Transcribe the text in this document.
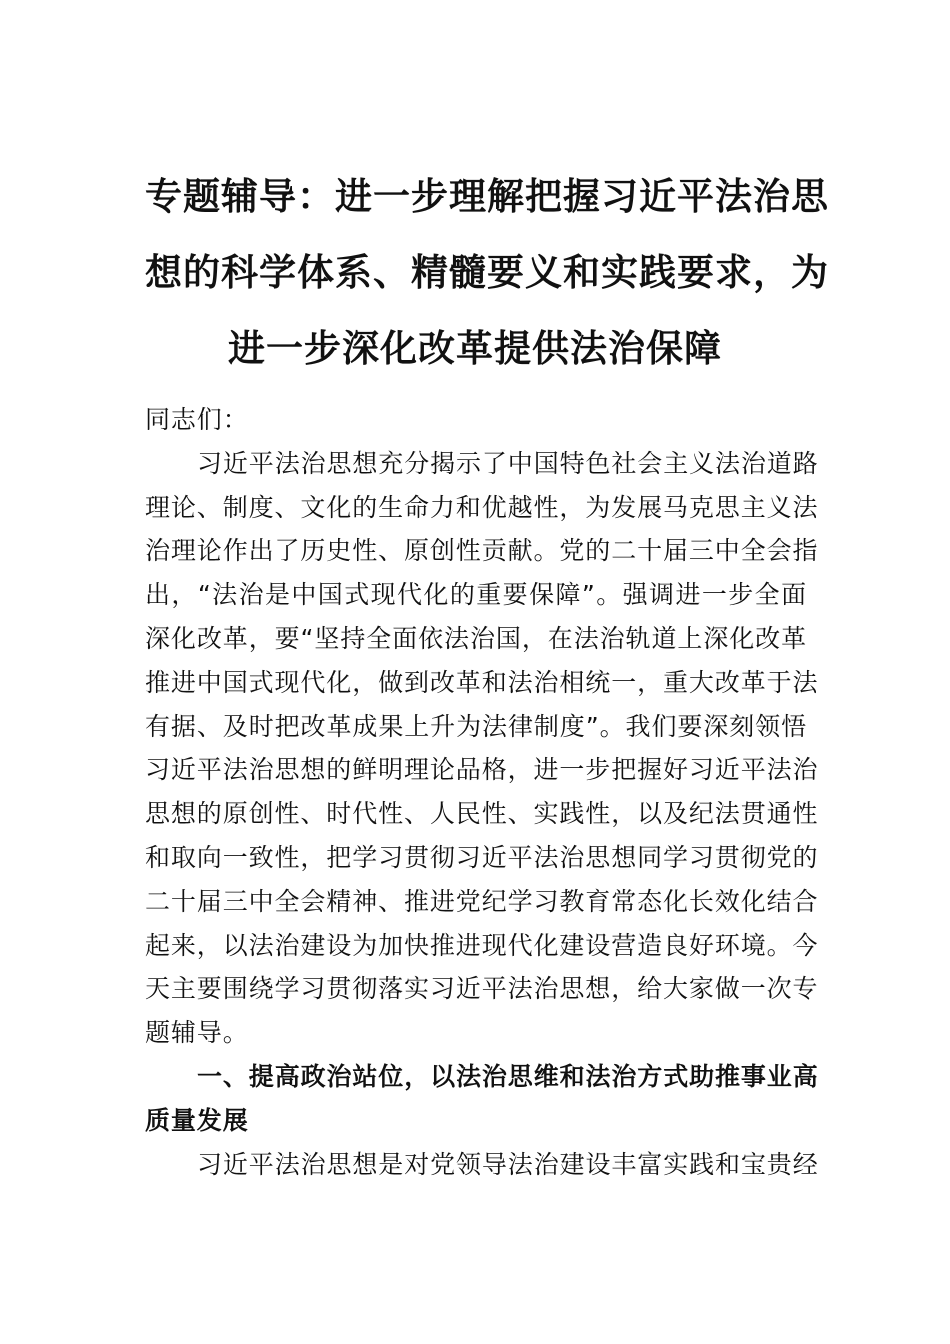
专题辅导：进一步理解把握习近平法治思
想的科学体系、精髓要义和实践要求，为
进一步深化改革提供法治保障
同志们：
习近平法治思想充分揭示了中国特色社会主义法治道路
理论、制度、文化的生命力和优越性，为发展马克思主义法
治理论作出了历史性、原创性贡献。党的二十届三中全会指
出，“法治是中国式现代化的重要保障”。强调进一步全面
深化改革，要“坚持全面依法治国，在法治轨道上深化改革
推进中国式现代化，做到改革和法治相统一，重大改革于法
有据、及时把改革成果上升为法律制度”。我们要深刻领悟
习近平法治思想的鲜明理论品格，进一步把握好习近平法治
思想的原创性、时代性、人民性、实践性，以及纪法贯通性
和取向一致性，把学习贯彻习近平法治思想同学习贯彻党的
二十届三中全会精神、推进党纪学习教育常态化长效化结合
起来，以法治建设为加快推进现代化建设营造良好环境。今
天主要围绕学习贯彻落实习近平法治思想，给大家做一次专
题辅导。
一、提高政治站位，以法治思维和法治方式助推事业高
质量发展
习近平法治思想是对党领导法治建设丰富实践和宝贵经
